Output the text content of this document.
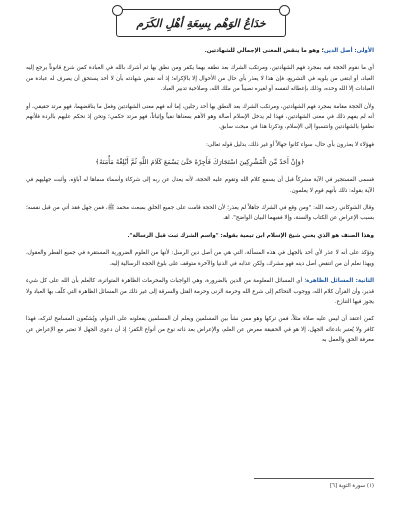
خدَاعُ الوَهْم بِسِعَةِ أهْلِ الكَرَم

الأولى: أصل الدين؛ وهو ما ينقض المعنى الإجمالي للشهادتين.

أي ما نقوم الحجة فيه بمجرد فهم الشهادتين، ومرتكب الشرك بعد نطقه بهما يكفر ومن نطق بها ثم أشرك بالله في العبادة كمن شرع قانوناً يرجع إليه العباد، أو ابتغى من يلويه في التشريع، فإن هذا لا يعذر بأي حال من الأحوال إلا بالإكراه؛ إذ أنه نقض شهادته بأن لا أحد يستحق أن يصرف له عبادة من العبادات إلا الله وحده، وذلك بإعطائه لنفسه أو لغيره نصيباً من ملك الله، وصلاحية تدبير العباد.

ولأن الحجة مقامة بمجرد فهم الشهادتين، ومرتكب الشرك بعد النطق بها أحد رجلين، إما أنه فهم معنى الشهادتين وفعل ما يناقضهما، فهو مرتد حقيقي، أو أنه لم يفهم ذلك في معنى الشهادتين، فهذا لم يدخل الإسلام أصالة وهو الأهم بمعناها نفياً وإثباتاً، فهو مرتد حكمي؛ ونحن إذ نحكم عليهم بالردة فلأنهم نطقوا بالشهادتين وانتسبوا إلى الإسلام، وذكرنا هذا في مبحث سابق.

فهؤلاء لا يعذرون بأي حال، سواء كانوا جهالاً أو غير ذلك، بدليل قوله تعالى:

﴿وَإِنْ أَحَدٌ مِّنَ الْمُشْرِكِينَ اسْتَجَارَكَ فَأَجِرْهُ حَتَّىٰ يَسْمَعَ كَلَامَ اللَّهِ ثُمَّ أَبْلِغْهُ مَأْمَنَهُ﴾

فسمى المستجير في الآية مشركاً قبل أن يسمع كلام الله وتقوم عليه الحجة، لأنه يعدل عن ربه إلى شركاء وأسماء سماها له آباؤه، وأثبت جهليهم في الآية بقوله: ذلك بأنهم قوم لا يعلمون.

وقال الشوكاني رحمه الله: "ومن وقع في الشرك جاهلاً لم يعذر؛ لأن الحجة قامت على جميع الخلق بمبعث محمد ﷺ، فمن جهل فقد أتي من قبل نفسه؛ بسبب الإعراض عن الكتاب والسنة، وإلا ففيهما البيان الواضح". اهـ

وهذا الصنف هو الذي يعني شيخ الإسلام ابن تيمية بقوله: "واسم الشرك ثبت قبل الرسالة".

وتؤكد على أنه لا عذر لأي أحد بالجهل في هذه المسألة، التي هي من أصل دين الرسل: لأنها من العلوم الضرورية المستقرة في جميع الفطر والعقول، ويهذا نعلم أن من انتقض أصل دينه فهو مشرك، ولكن عذابه في الدنيا والآخرة متوقف على بلوغ الحجة الرسالية إليه.

الثانية: المسائل الظاهرة؛ أي المسائل المعلومة من الدين بالضرورة، وهي الواجبات والمحرمات الظاهرة المتواترة، كالعلم بأن الله على كل شيء قدير، وأن القرآن كلام الله، ووجوب التحاكم إلى شرع الله وحرمة الزنى وحرمة القتل والسرقة إلى غير ذلك من المسائل الظاهرة التي كلّف بها العباد ولا يجوز فيها التنازع.

كمن اعتقد أن ليس عليه صلاة مثلاً، فمن تركها وهو ممن نشأ بين المسلمين ويعلم أن المسلمين يفعلونه على الدوام، ويُشنّعون المسامح لتركه، فهذا كافر ولا يُعتبر بادعائه الجهل، إلا هو في الحقيقة معرض عن العلم، والإعراض بعد ذاته نوع من أنواع الكفر؛ إذ أن دعوى الجهل لا تعتبر مع الإعراض عن معرفة الحق والعمل به

(١) سورة التوبة [٦]
